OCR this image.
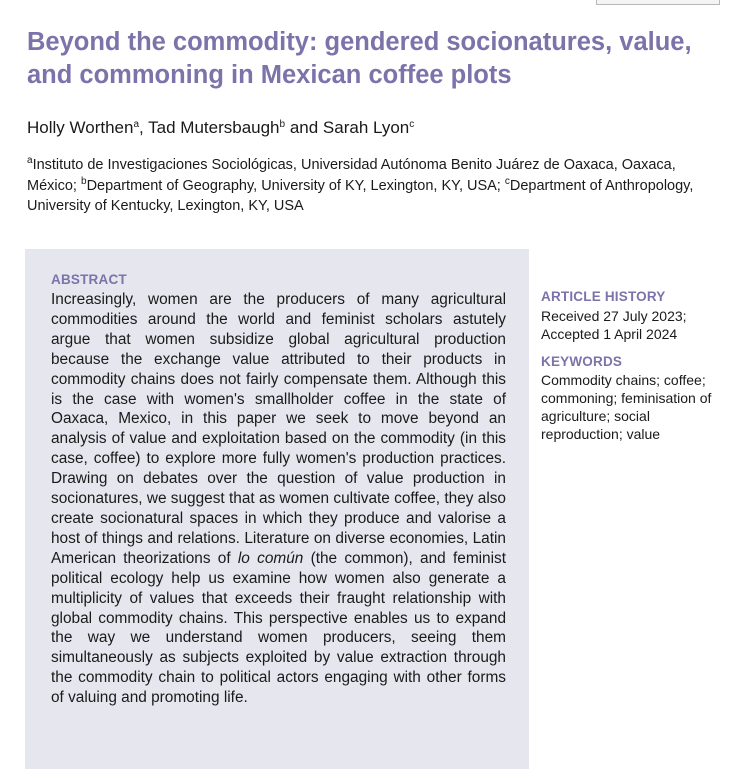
Beyond the commodity: gendered socionatures, value, and commoning in Mexican coffee plots

Holly Worthen$^a$, Tad Mutersbaugh$^b$ and Sarah Lyon$^c$

$^a$Instituto de Investigaciones Sociológicas, Universidad Autónoma Benito Juárez de Oaxaca, Oaxaca, México; $^b$Department of Geography, University of KY, Lexington, KY, USA; $^c$Department of Anthropology, University of Kentucky, Lexington, KY, USA

ABSTRACT

Increasingly, women are the producers of many agricultural commodities around the world and feminist scholars astutely argue that women subsidize global agricultural production because the exchange value attributed to their products in commodity chains does not fairly compensate them. Although this is the case with women's smallholder coffee in the state of Oaxaca, Mexico, in this paper we seek to move beyond an analysis of value and exploitation based on the commodity (in this case, coffee) to explore more fully women's production practices. Drawing on debates over the question of value production in socionatures, we suggest that as women cultivate coffee, they also create socionatural spaces in which they produce and valorise a host of things and relations. Literature on diverse economies, Latin American theorizations of lo común (the common), and feminist political ecology help us examine how women also generate a multiplicity of values that exceeds their fraught relationship with global commodity chains. This perspective enables us to expand the way we understand women producers, seeing them simultaneously as subjects exploited by value extraction through the commodity chain to political actors engaging with other forms of valuing and promoting life.

ARTICLE HISTORY
Received 27 July 2023;
Accepted 1 April 2024
KEYWORDS
Commodity chains; coffee; commoning; feminisation of agriculture; social reproduction; value
